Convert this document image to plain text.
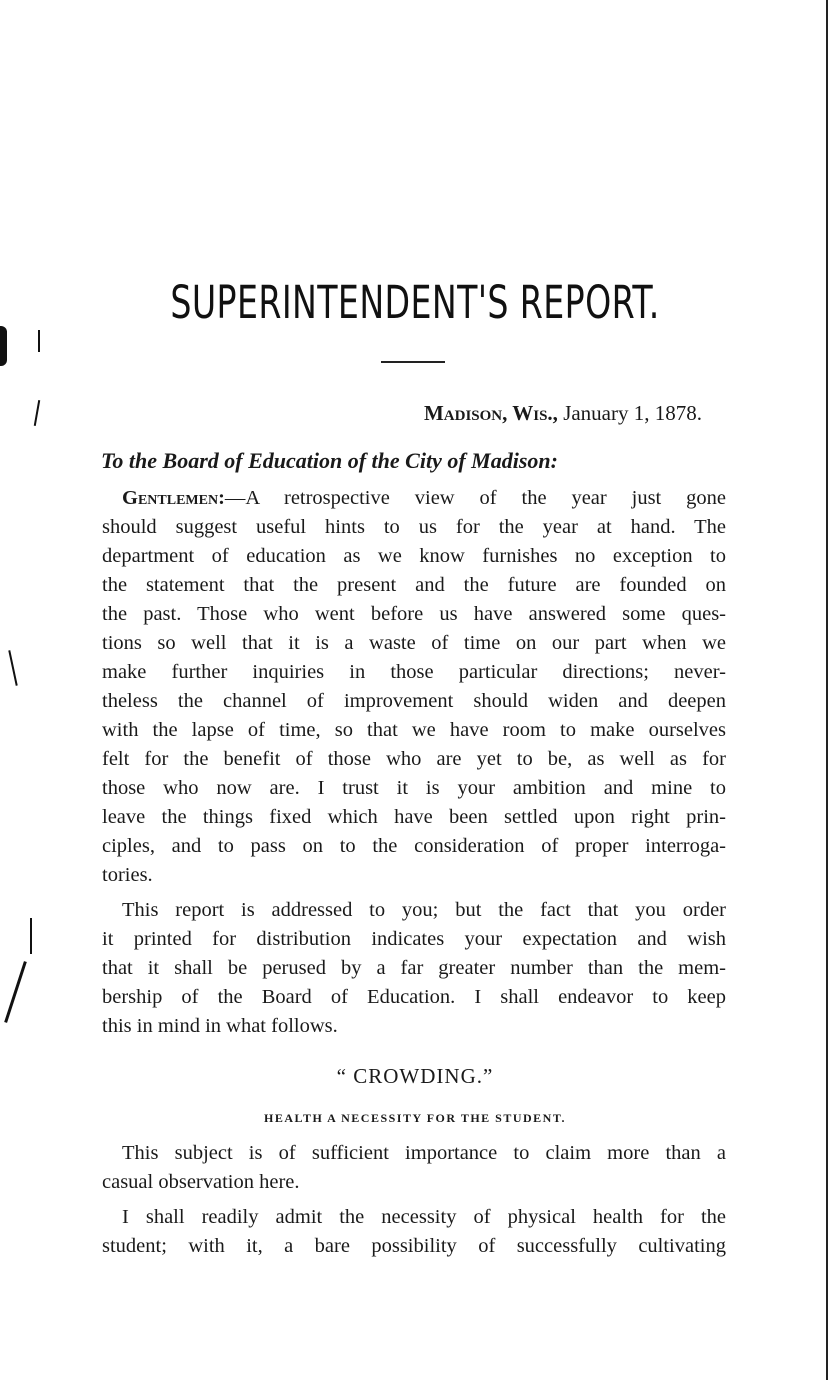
SUPERINTENDENT'S REPORT.
Madison, Wis., January 1, 1878.
To the Board of Education of the City of Madison:
Gentlemen:—A retrospective view of the year just gone
should suggest useful hints to us for the year at hand. The
department of education as we know furnishes no exception to
the statement that the present and the future are founded on
the past. Those who went before us have answered some ques-
tions so well that it is a waste of time on our part when we
make further inquiries in those particular directions; never-
theless the channel of improvement should widen and deepen
with the lapse of time, so that we have room to make ourselves
felt for the benefit of those who are yet to be, as well as for
those who now are. I trust it is your ambition and mine to
leave the things fixed which have been settled upon right prin-
ciples, and to pass on to the consideration of proper interroga-
tories.
This report is addressed to you; but the fact that you order
it printed for distribution indicates your expectation and wish
that it shall be perused by a far greater number than the mem-
bership of the Board of Education. I shall endeavor to keep
this in mind in what follows.
“ CROWDING.”
HEALTH A NECESSITY FOR THE STUDENT.
This subject is of sufficient importance to claim more than a
casual observation here.
I shall readily admit the necessity of physical health for the
student; with it, a bare possibility of successfully cultivating
